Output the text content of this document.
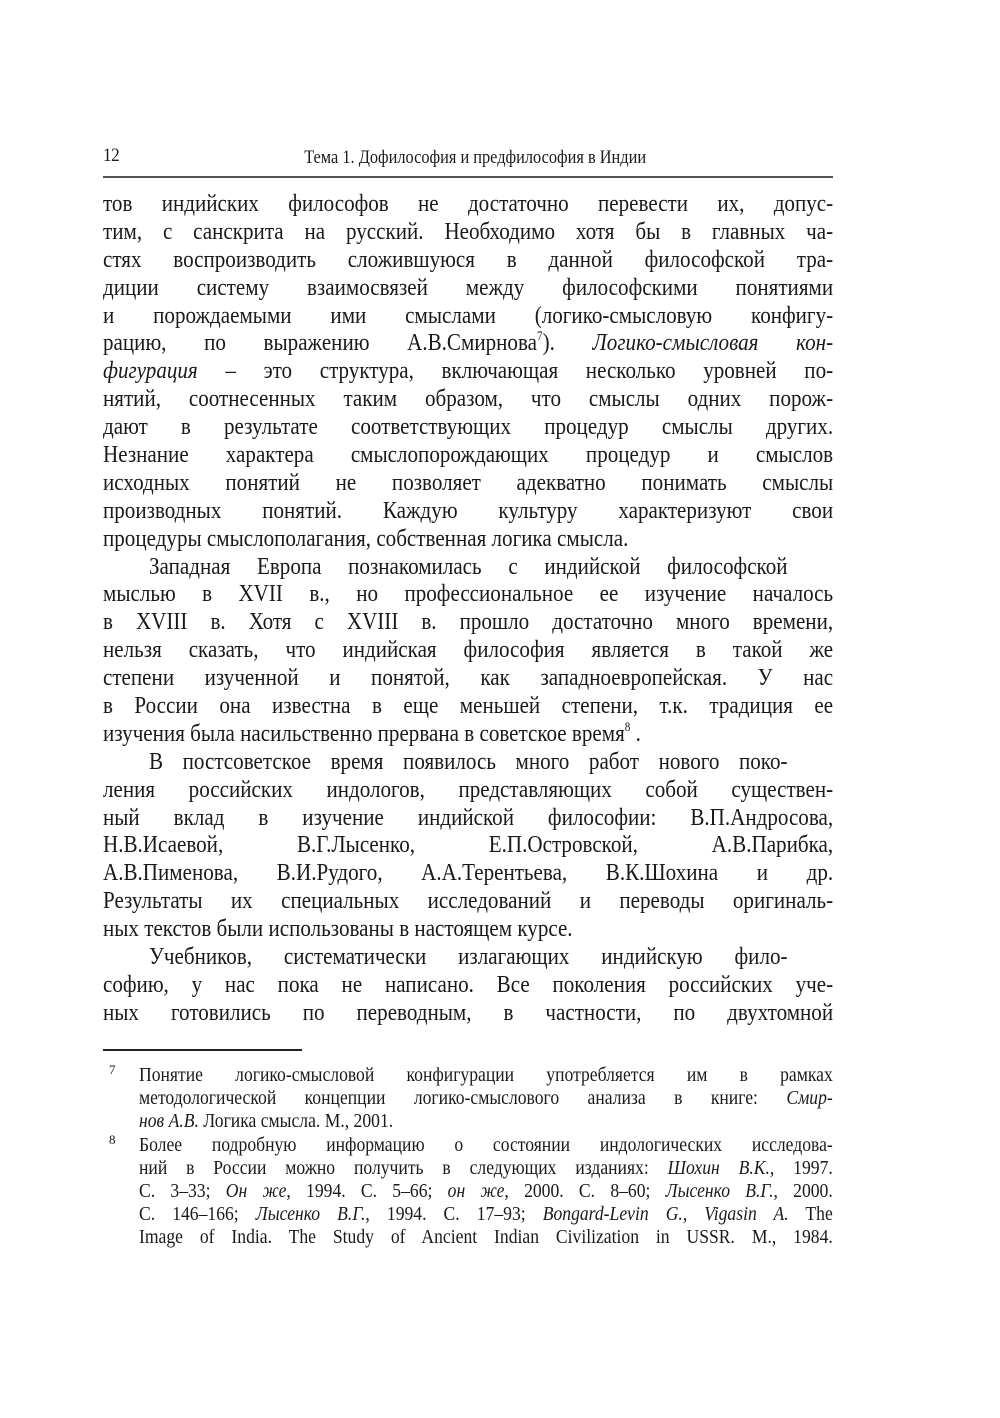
12	Тема 1. Дофилософия и предфилософия в Индии
тов индийских философов не достаточно перевести их, допус-
тим, с санскрита на русский. Необходимо хотя бы в главных ча-
стях воспроизводить сложившуюся в данной философской тра-
диции систему взаимосвязей между философскими понятиями
и порождаемыми ими смыслами (логико-смысловую конфигу-
рацию, по выражению А.В.Смирнова$^7$). Логико-смысловая кон-
фигурация – это структура, включающая несколько уровней по-
нятий, соотнесенных таким образом, что смыслы одних порож-
дают в результате соответствующих процедур смыслы других.
Незнание характера смыслопорождающих процедур и смыслов
исходных понятий не позволяет адекватно понимать смыслы
производных понятий. Каждую культуру характеризуют свои
процедуры смыслополагания, собственная логика смысла.
Западная Европа познакомилась с индийской философской
мыслью в XVII в., но профессиональное ее изучение началось
в XVIII в. Хотя с XVIII в. прошло достаточно много времени,
нельзя сказать, что индийская философия является в такой же
степени изученной и понятой, как западноевропейская. У нас
в России она известна в еще меньшей степени, т.к. традиция ее
изучения была насильственно прервана в советское время$^8$ .
В постсоветское время появилось много работ нового поко-
ления российских индологов, представляющих собой существен-
ный вклад в изучение индийской философии: В.П.Андросова,
Н.В.Исаевой, В.Г.Лысенко, Е.П.Островской, А.В.Парибка,
А.В.Пименова, В.И.Рудого, А.А.Терентьева, В.К.Шохина и др.
Результаты их специальных исследований и переводы оригиналь-
ных текстов были использованы в настоящем курсе.
Учебников, систематически излагающих индийскую фило-
софию, у нас пока не написано. Все поколения российских уче-
ных готовились по переводным, в частности, по двухтомной
7 Понятие логико-смысловой конфигурации употребляется им в рамках
методологической концепции логико-смыслового анализа в книге: Смир-
нов А.В. Логика смысла. М., 2001.
8 Более подробную информацию о состоянии индологических исследова-
ний в России можно получить в следующих изданиях: Шохин В.К., 1997.
С. 3–33; Он же, 1994. С. 5–66; он же, 2000. С. 8–60; Лысенко В.Г., 2000.
С. 146–166; Лысенко В.Г., 1994. С. 17–93; Bongard-Levin G., Vigasin A. The
Image of India. The Study of Ancient Indian Civilization in USSR. M., 1984.
